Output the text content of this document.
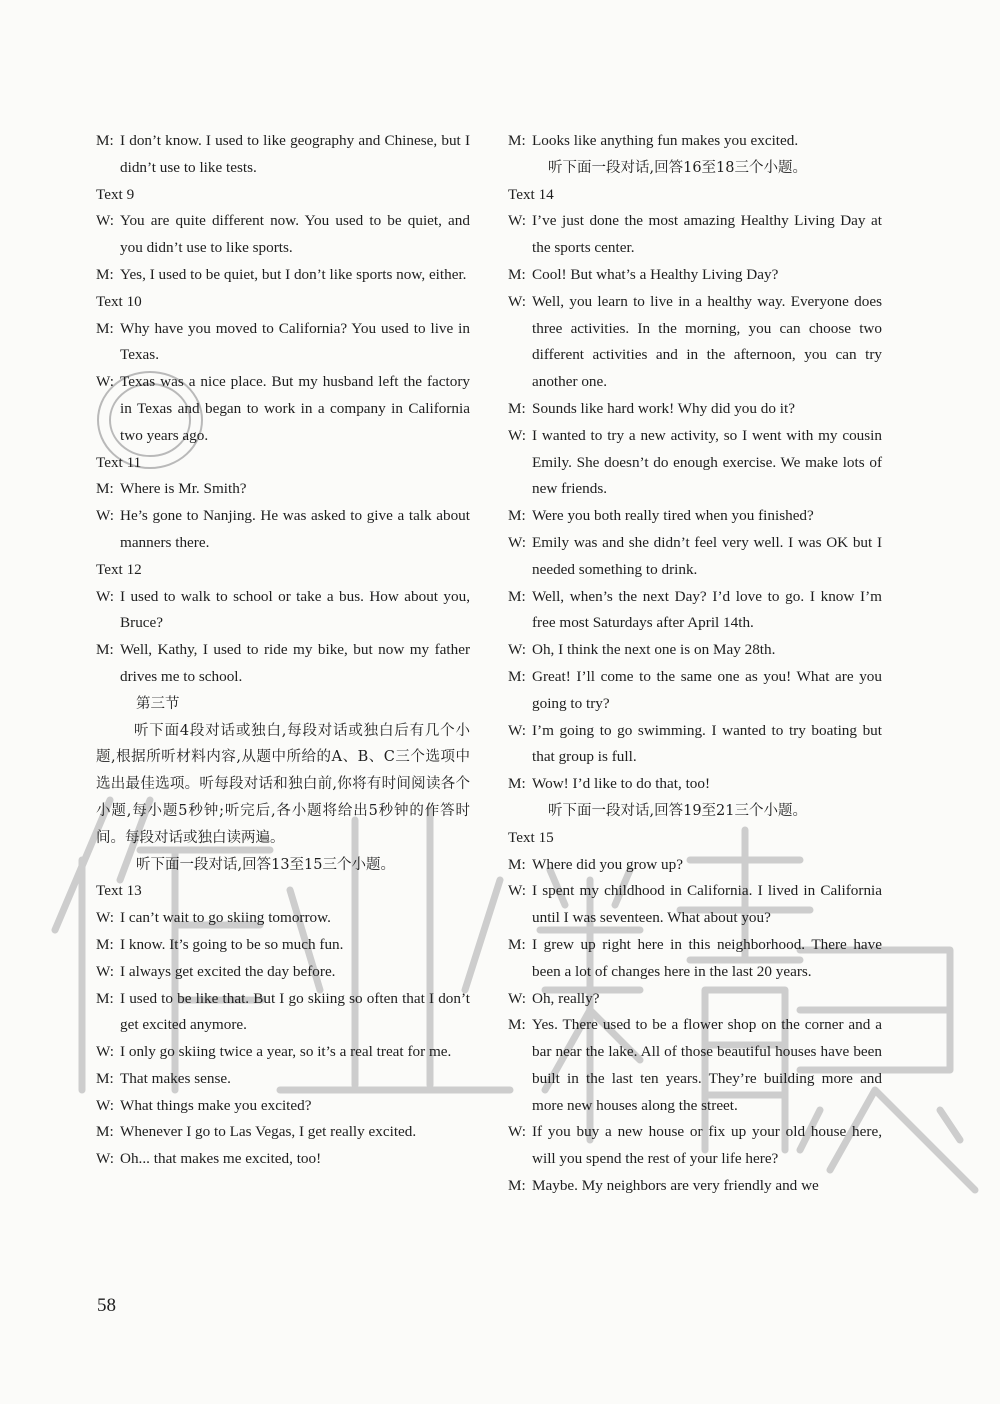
M: I don’t know. I used to like geography and Chinese, but I didn’t use to like tests.
Text 9
W: You are quite different now. You used to be quiet, and you didn’t use to like sports.
M: Yes, I used to be quiet, but I don’t like sports now, either.
Text 10
M: Why have you moved to California? You used to live in Texas.
W: Texas was a nice place. But my husband left the factory in Texas and began to work in a company in California two years ago.
Text 11
M: Where is Mr. Smith?
W: He’s gone to Nanjing. He was asked to give a talk about manners there.
Text 12
W: I used to walk to school or take a bus. How about you, Bruce?
M: Well, Kathy, I used to ride my bike, but now my father drives me to school.
第三节
听下面4段对话或独白,每段对话或独白后有几个小题,根据所听材料内容,从题中所给的A、B、C三个选项中选出最佳选项。听每段对话和独白前,你将有时间阅读各个小题,每小题5秒钟;听完后,各小题将给出5秒钟的作答时间。每段对话或独白读两遍。
听下面一段对话,回答13至15三个小题。
Text 13
W: I can’t wait to go skiing tomorrow.
M: I know. It’s going to be so much fun.
W: I always get excited the day before.
M: I used to be like that. But I go skiing so often that I don’t get excited anymore.
W: I only go skiing twice a year, so it’s a real treat for me.
M: That makes sense.
W: What things make you excited?
M: Whenever I go to Las Vegas, I get really excited.
W: Oh... that makes me excited, too!
M: Looks like anything fun makes you excited.
听下面一段对话,回答16至18三个小题。
Text 14
W: I’ve just done the most amazing Healthy Living Day at the sports center.
M: Cool! But what’s a Healthy Living Day?
W: Well, you learn to live in a healthy way. Everyone does three activities. In the morning, you can choose two different activities and in the afternoon, you can try another one.
M: Sounds like hard work! Why did you do it?
W: I wanted to try a new activity, so I went with my cousin Emily. She doesn’t do enough exercise. We make lots of new friends.
M: Were you both really tired when you finished?
W: Emily was and she didn’t feel very well. I was OK but I needed something to drink.
M: Well, when’s the next Day? I’d love to go. I know I’m free most Saturdays after April 14th.
W: Oh, I think the next one is on May 28th.
M: Great! I’ll come to the same one as you! What are you going to try?
W: I’m going to go swimming. I wanted to try boating but that group is full.
M: Wow! I’d like to do that, too!
听下面一段对话,回答19至21三个小题。
Text 15
M: Where did you grow up?
W: I spent my childhood in California. I lived in California until I was seventeen. What about you?
M: I grew up right here in this neighborhood. There have been a lot of changes here in the last 20 years.
W: Oh, really?
M: Yes. There used to be a flower shop on the corner and a bar near the lake. All of those beautiful houses have been built in the last ten years. They’re building more and more new houses along the street.
W: If you buy a new house or fix up your old house here, will you spend the rest of your life here?
M: Maybe. My neighbors are very friendly and we
58
